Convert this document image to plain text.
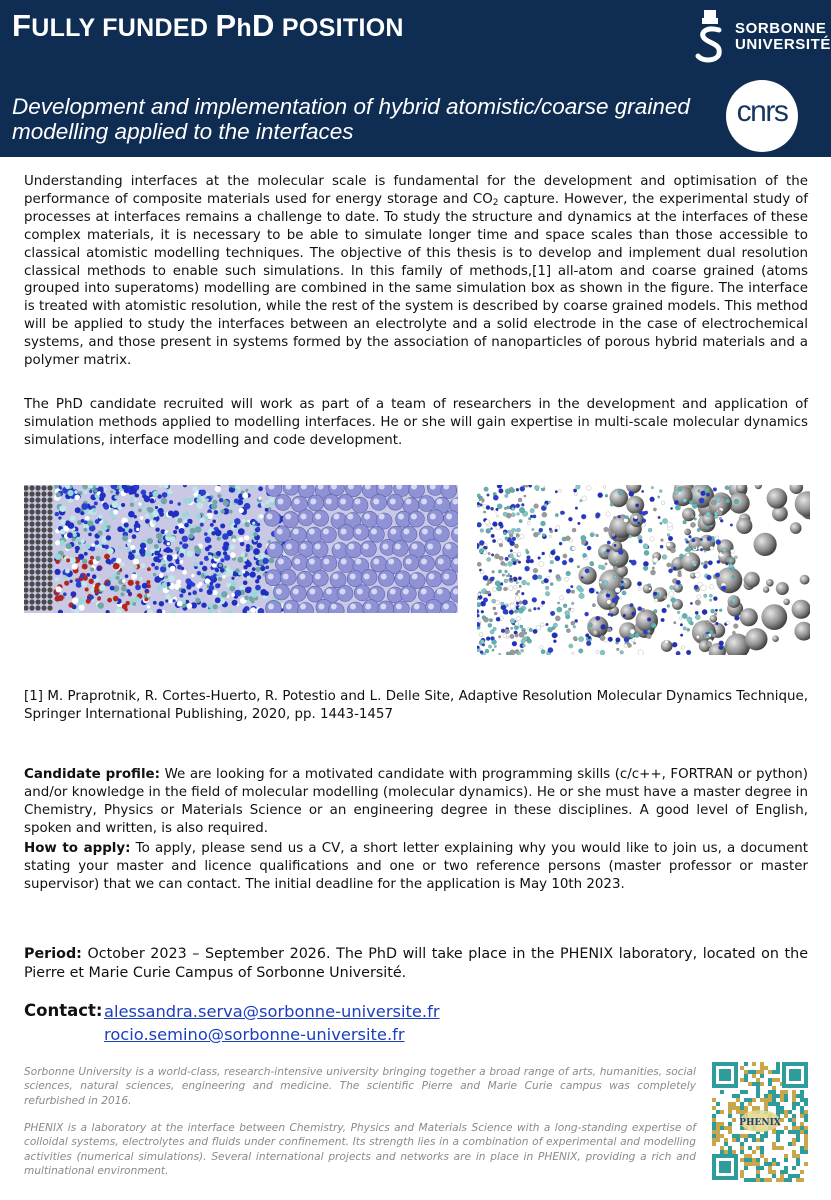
FULLY FUNDED PhD POSITION
Development and implementation of hybrid atomistic/coarse grained modelling applied to the interfaces
SORBONNE
UNIVERSITÉ
cnrs
Understanding interfaces at the molecular scale is fundamental for the development and optimisation of the performance of composite materials used for energy storage and $CO_2$ capture. However, the experimental study of processes at interfaces remains a challenge to date. To study the structure and dynamics at the interfaces of these complex materials, it is necessary to be able to simulate longer time and space scales than those accessible to classical atomistic modelling techniques. The objective of this thesis is to develop and implement dual resolution classical methods to enable such simulations. In this family of methods,[1] all-atom and coarse grained (atoms grouped into superatoms) modelling are combined in the same simulation box as shown in the figure. The interface is treated with atomistic resolution, while the rest of the system is described by coarse grained models. This method will be applied to study the interfaces between an electrolyte and a solid electrode in the case of electrochemical systems, and those present in systems formed by the association of nanoparticles of porous hybrid materials and a polymer matrix.
The PhD candidate recruited will work as part of a team of researchers in the development and application of simulation methods applied to modelling interfaces. He or she will gain expertise in multi-scale molecular dynamics simulations, interface modelling and code development.
[1] M. Praprotnik, R. Cortes-Huerto, R. Potestio and L. Delle Site, Adaptive Resolution Molecular Dynamics Technique, Springer International Publishing, 2020, pp. 1443-1457
Candidate profile: We are looking for a motivated candidate with programming skills (c/c++, FORTRAN or python) and/or knowledge in the field of molecular modelling (molecular dynamics). He or she must have a master degree in Chemistry, Physics or Materials Science or an engineering degree in these disciplines. A good level of English, spoken and written, is also required.
How to apply: To apply, please send us a CV, a short letter explaining why you would like to join us, a document stating your master and licence qualifications and one or two reference persons (master professor or master supervisor) that we can contact. The initial deadline for the application is May 10th 2023.
Period: October 2023 – September 2026. The PhD will take place in the PHENIX laboratory, located on the Pierre et Marie Curie Campus of Sorbonne Université.
Contact: alessandra.serva@sorbonne-universite.fr
rocio.semino@sorbonne-universite.fr
Sorbonne University is a world-class, research-intensive university bringing together a broad range of arts, humanities, social sciences, natural sciences, engineering and medicine. The scientific Pierre and Marie Curie campus was completely refurbished in 2016.
PHENIX is a laboratory at the interface between Chemistry, Physics and Materials Science with a long-standing expertise of colloidal systems, electrolytes and fluids under confinement. Its strength lies in a combination of experimental and modelling activities (numerical simulations). Several international projects and networks are in place in PHENIX, providing a rich and multinational environment.
PHENIX
